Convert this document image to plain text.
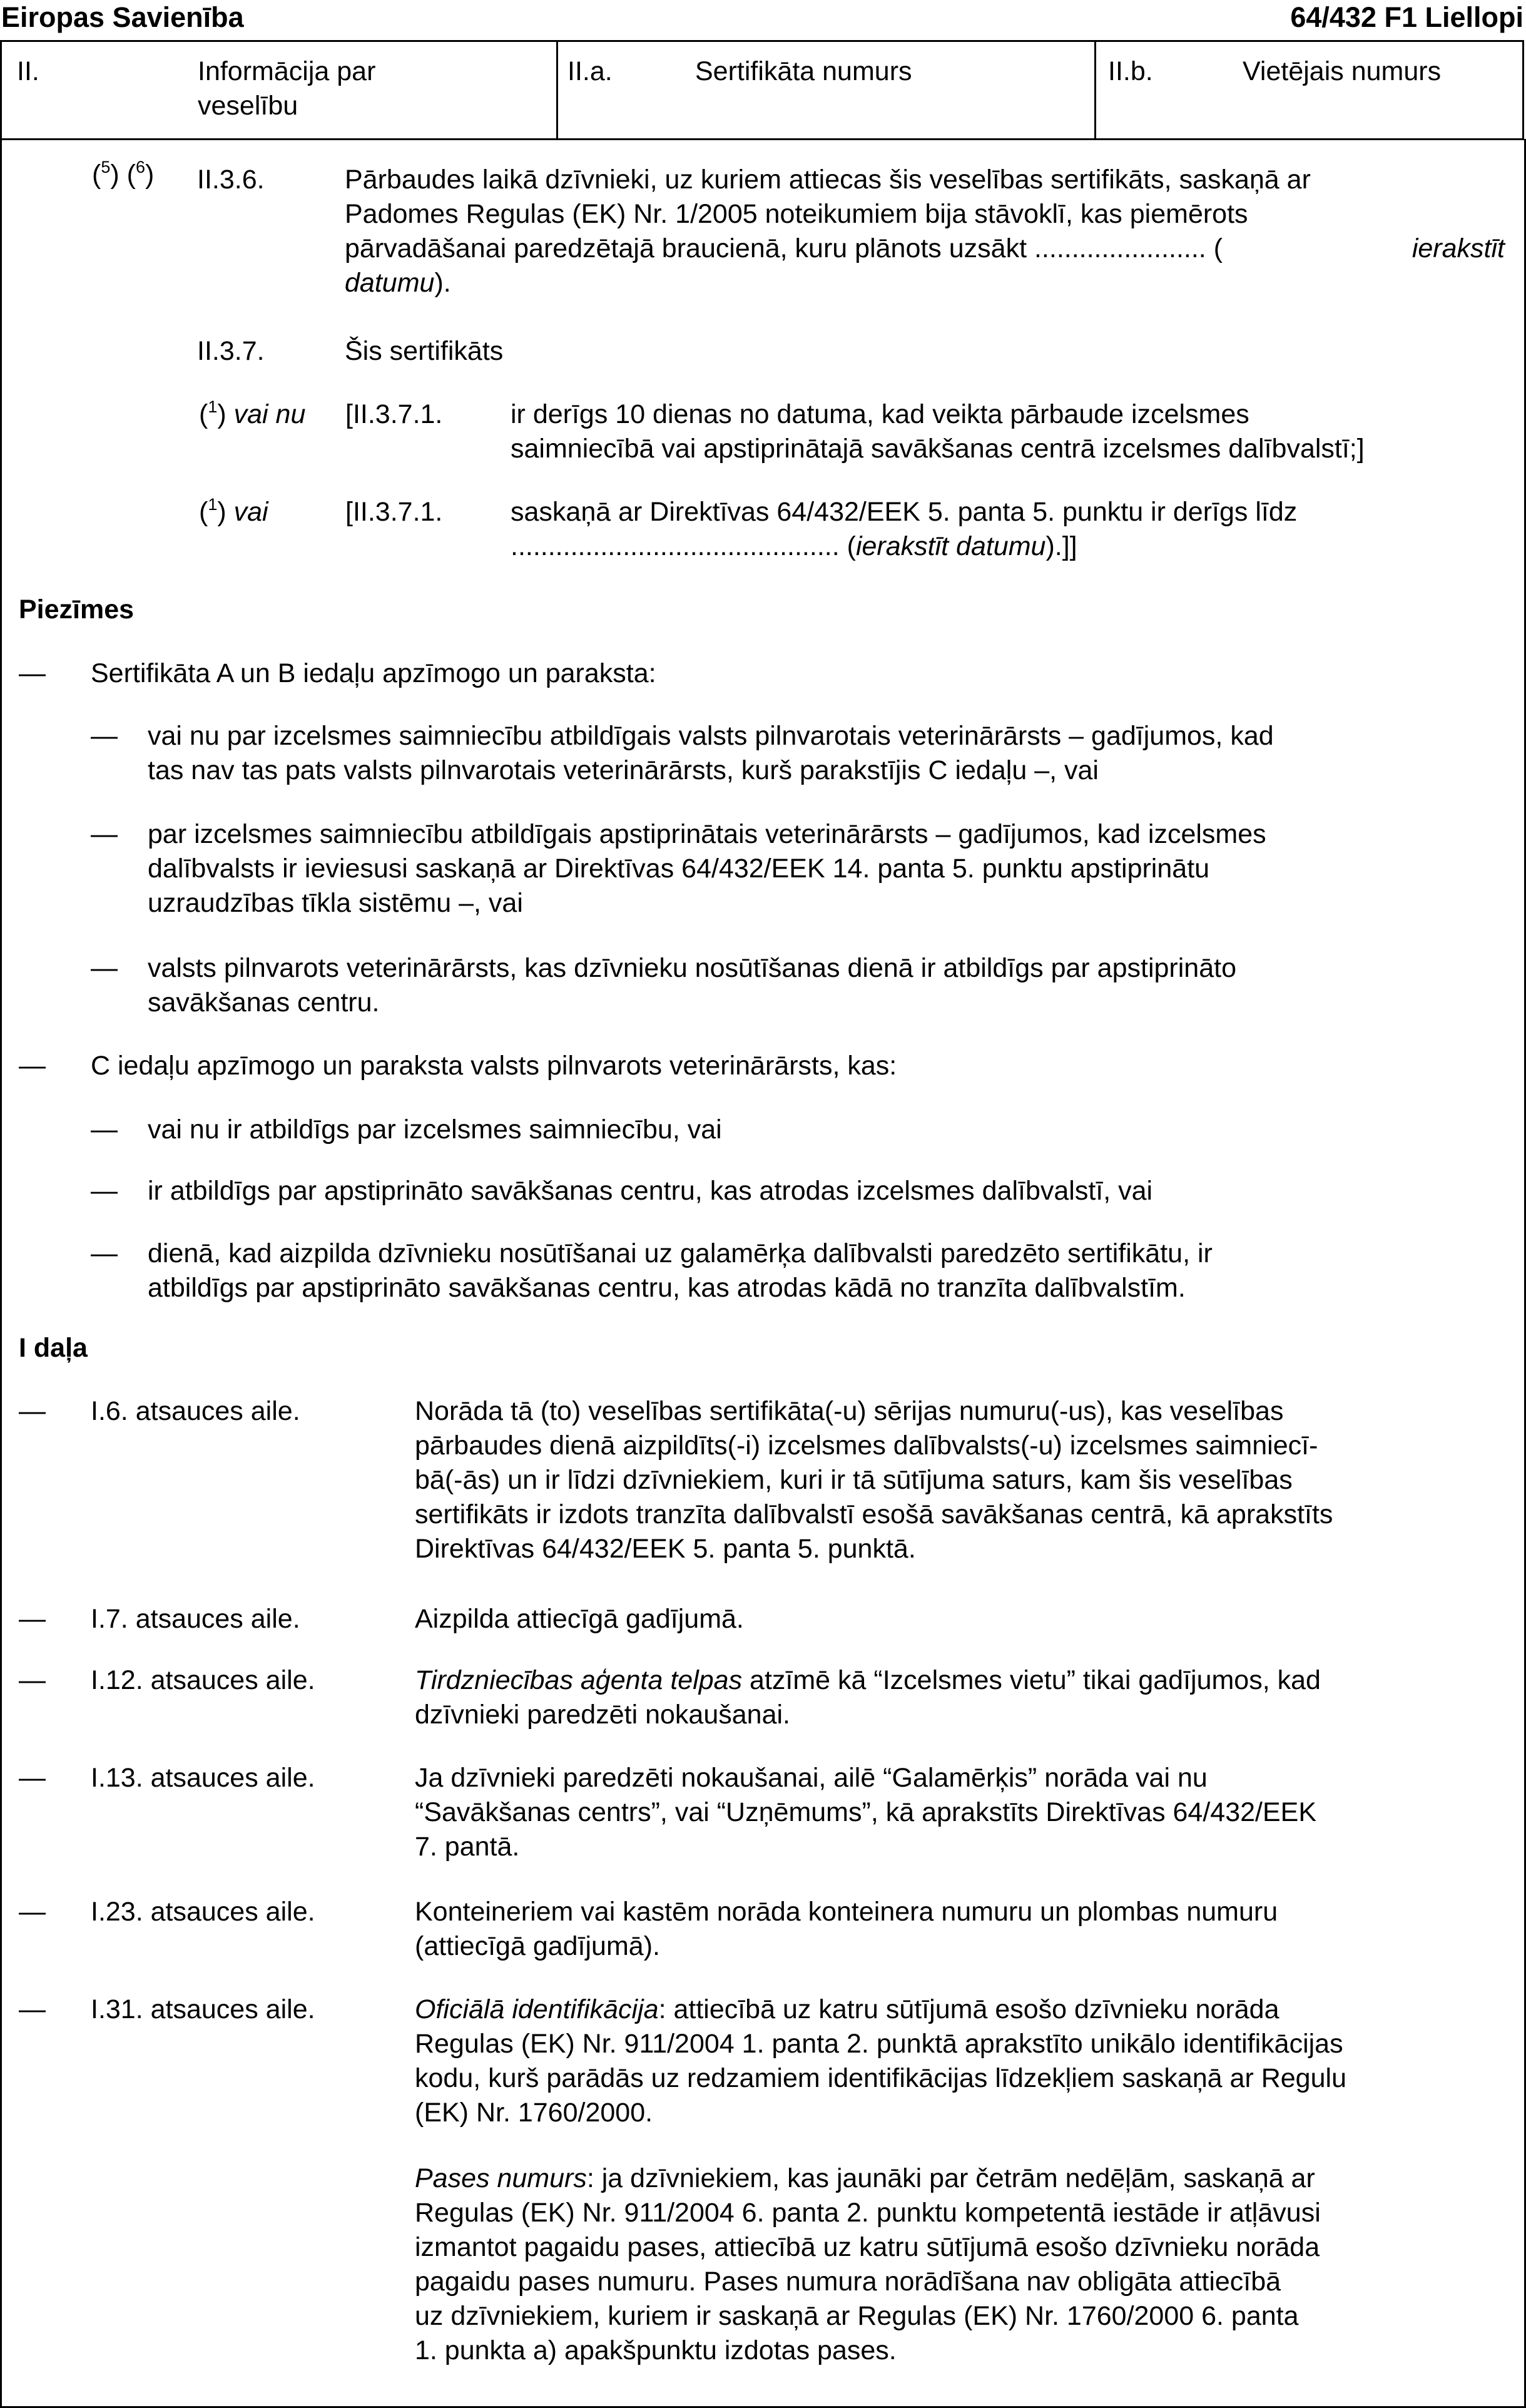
Eiropas Savienība	64/432 F1 Liellopi
II.	Informācija par
veselību
II.a.	Sertifikāta numurs	II.b.	Vietējais numurs
($^5$) ($^6$) II.3.6.	Pārbaudes laikā dzīvnieki, uz kuriem attiecas šis veselības sertifikāts, saskaņā ar
Padomes Regulas (EK) Nr. 1/2005 noteikumiem bija stāvoklī, kas piemērots
pārvadāšanai paredzētajā braucienā, kuru plānots uzsākt ....................... (	ierakstīt
datumu).
II.3.7.	Šis sertifikāts
($^1$) vai nu [II.3.7.1.	ir derīgs 10 dienas no datuma, kad veikta pārbaude izcelsmes
saimniecībā vai apstiprinātajā savākšanas centrā izcelsmes dalībvalstī;]
($^1$) vai	[II.3.7.1.	saskaņā ar Direktīvas 64/432/EEK 5. panta 5. punktu ir derīgs līdz
............................................ (ierakstīt datumu).]]
Piezīmes
— Sertifikāta A un B iedaļu apzīmogo un paraksta:
— vai nu par izcelsmes saimniecību atbildīgais valsts pilnvarotais veterinārārsts – gadījumos, kad
tas nav tas pats valsts pilnvarotais veterinārārsts, kurš parakstījis C iedaļu –, vai
— par izcelsmes saimniecību atbildīgais apstiprinātais veterinārārsts – gadījumos, kad izcelsmes
dalībvalsts ir ieviesusi saskaņā ar Direktīvas 64/432/EEK 14. panta 5. punktu apstiprinātu
uzraudzības tīkla sistēmu –, vai
— valsts pilnvarots veterinārārsts, kas dzīvnieku nosūtīšanas dienā ir atbildīgs par apstiprināto
savākšanas centru.
— C iedaļu apzīmogo un paraksta valsts pilnvarots veterinārārsts, kas:
— vai nu ir atbildīgs par izcelsmes saimniecību, vai
— ir atbildīgs par apstiprināto savākšanas centru, kas atrodas izcelsmes dalībvalstī, vai
— dienā, kad aizpilda dzīvnieku nosūtīšanai uz galamērķa dalībvalsti paredzēto sertifikātu, ir
atbildīgs par apstiprināto savākšanas centru, kas atrodas kādā no tranzīta dalībvalstīm.
I daļa
— I.6. atsauces aile.	Norāda tā (to) veselības sertifikāta(-u) sērijas numuru(-us), kas veselības
pārbaudes dienā aizpildīts(-i) izcelsmes dalībvalsts(-u) izcelsmes saimniecī-
bā(-ās) un ir līdzi dzīvniekiem, kuri ir tā sūtījuma saturs, kam šis veselības
sertifikāts ir izdots tranzīta dalībvalstī esošā savākšanas centrā, kā aprakstīts
Direktīvas 64/432/EEK 5. panta 5. punktā.
— I.7. atsauces aile.	Aizpilda attiecīgā gadījumā.
— I.12. atsauces aile.	Tirdzniecības aģenta telpas atzīmē kā “Izcelsmes vietu” tikai gadījumos, kad
dzīvnieki paredzēti nokaušanai.
— I.13. atsauces aile.	Ja dzīvnieki paredzēti nokaušanai, ailē “Galamērķis” norāda vai nu
“Savākšanas centrs”, vai “Uzņēmums”, kā aprakstīts Direktīvas 64/432/EEK
7. pantā.
— I.23. atsauces aile.	Konteineriem vai kastēm norāda konteinera numuru un plombas numuru
(attiecīgā gadījumā).
— I.31. atsauces aile.	Oficiālā identifikācija: attiecībā uz katru sūtījumā esošo dzīvnieku norāda
Regulas (EK) Nr. 911/2004 1. panta 2. punktā aprakstīto unikālo identifikācijas
kodu, kurš parādās uz redzamiem identifikācijas līdzekļiem saskaņā ar Regulu
(EK) Nr. 1760/2000.
Pases numurs: ja dzīvniekiem, kas jaunāki par četrām nedēļām, saskaņā ar
Regulas (EK) Nr. 911/2004 6. panta 2. punktu kompetentā iestāde ir atļāvusi
izmantot pagaidu pases, attiecībā uz katru sūtījumā esošo dzīvnieku norāda
pagaidu pases numuru. Pases numura norādīšana nav obligāta attiecībā
uz dzīvniekiem, kuriem ir saskaņā ar Regulas (EK) Nr. 1760/2000 6. panta
1. punkta a) apakšpunktu izdotas pases.
